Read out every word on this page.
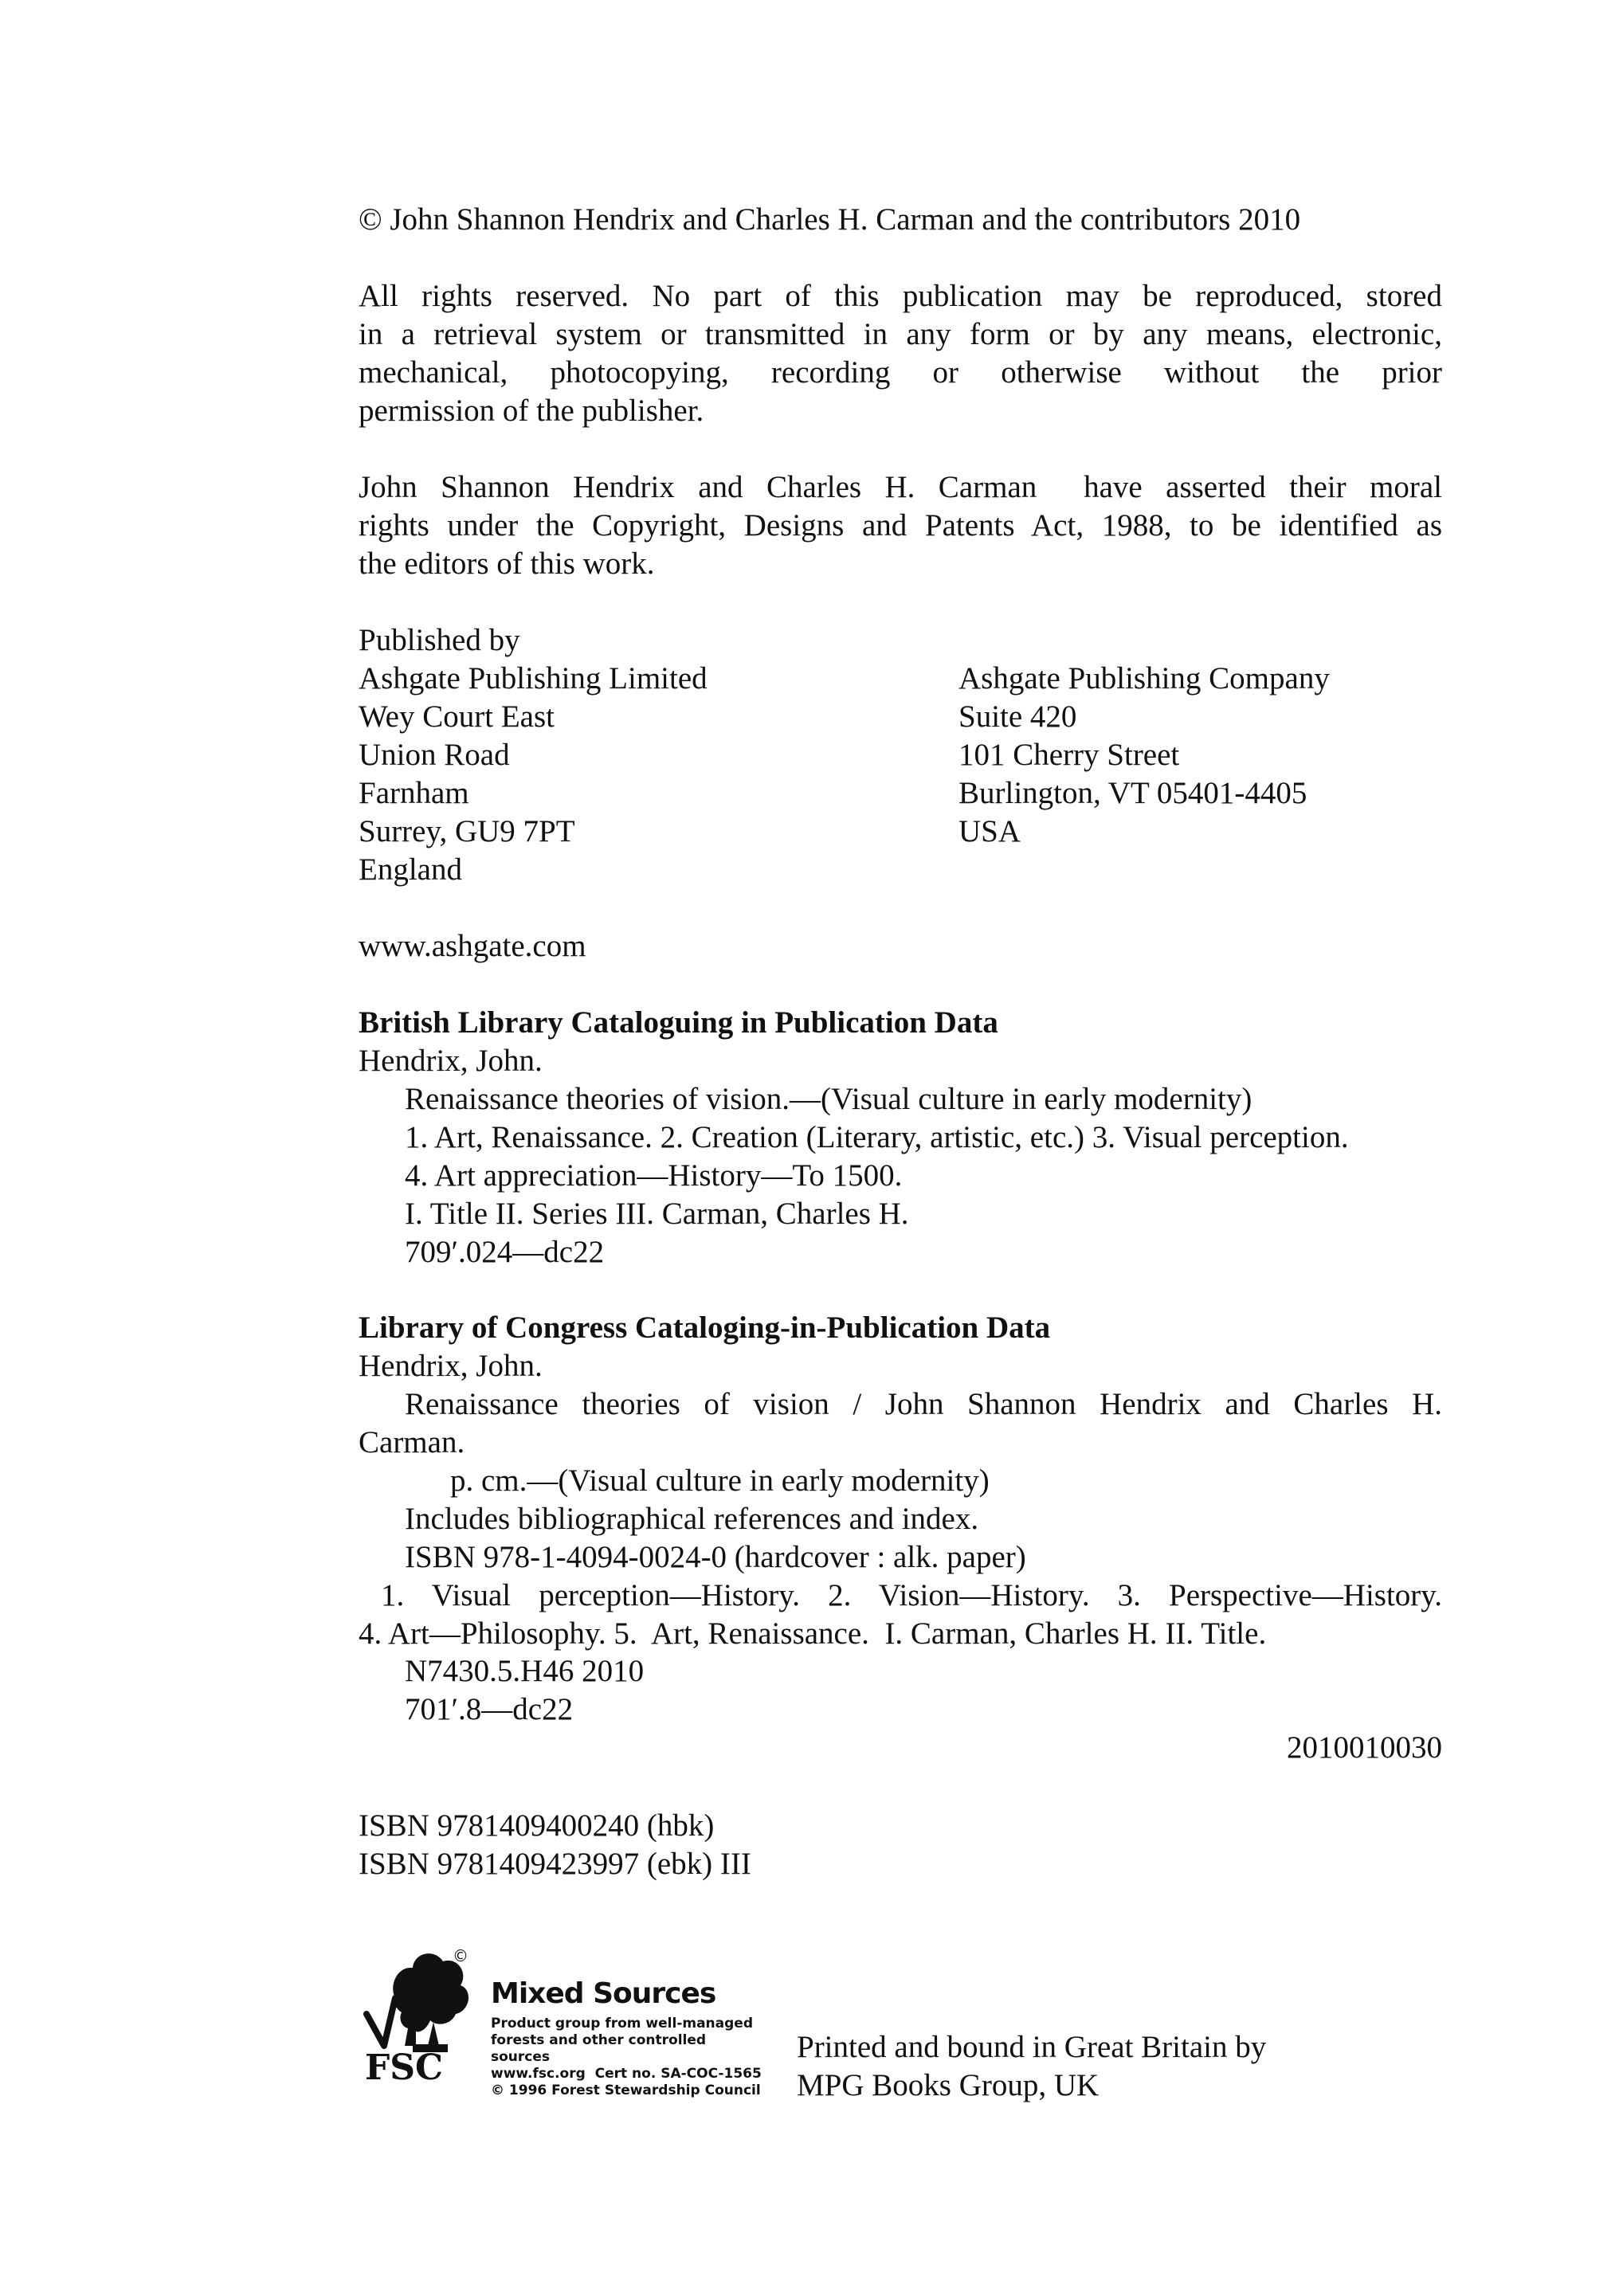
© John Shannon Hendrix and Charles H. Carman and the contributors 2010

All rights reserved. No part of this publication may be reproduced, stored

in a retrieval system or transmitted in any form or by any means, electronic,

mechanical, photocopying, recording or otherwise without the prior

permission of the publisher.

John Shannon Hendrix and Charles H. Carman  have asserted their moral

rights under the Copyright, Designs and Patents Act, 1988, to be identified as

the editors of this work.

Published by

Ashgate Publishing Limited

Wey Court East

Union Road

Farnham

Surrey, GU9 7PT

England

Ashgate Publishing Company

Suite 420

101 Cherry Street

Burlington, VT 05401-4405

USA

www.ashgate.com

British Library Cataloguing in Publication Data

Hendrix, John.

Renaissance theories of vision.—(Visual culture in early modernity)

1. Art, Renaissance. 2. Creation (Literary, artistic, etc.) 3. Visual perception.

4. Art appreciation—History—To 1500.

I. Title II. Series III. Carman, Charles H.

709′.024—dc22

Library of Congress Cataloging-in-Publication Data

Hendrix, John.

Renaissance theories of vision / John Shannon Hendrix and Charles H.

Carman.

p. cm.—(Visual culture in early modernity)

Includes bibliographical references and index.

ISBN 978-1-4094-0024-0 (hardcover : alk. paper)

1. Visual perception—History. 2. Vision—History. 3. Perspective—History.

4. Art—Philosophy. 5.  Art, Renaissance.  I. Carman, Charles H. II. Title.

N7430.5.H46 2010

701′.8—dc22

2010010030

ISBN 9781409400240 (hbk)

ISBN 9781409423997 (ebk) III

©
FSC

Mixed Sources

Product group from well-managed

forests and other controlled sources

www.fsc.org  Cert no. SA-COC-1565

© 1996 Forest Stewardship Council

Printed and bound in Great Britain by

MPG Books Group, UK
